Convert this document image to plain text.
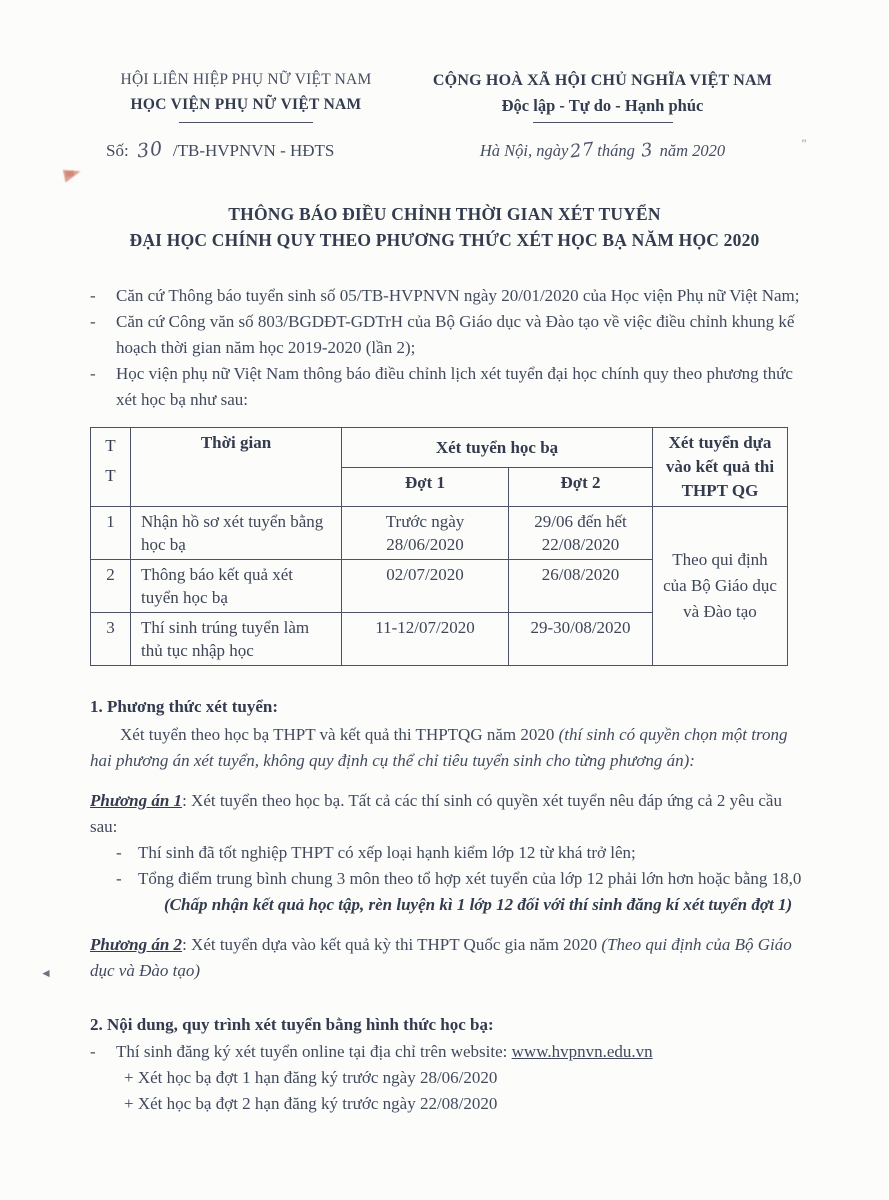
HỘI LIÊN HIỆP PHỤ NỮ VIỆT NAM
HỌC VIỆN PHỤ NỮ VIỆT NAM
CỘNG HOÀ XÃ HỘI CHỦ NGHĨA VIỆT NAM
Độc lập - Tự do - Hạnh phúc
Số: 30 /TB-HVPNVN - HĐTS	Hà Nội, ngày27tháng 3 năm 2020
THÔNG BÁO ĐIỀU CHỈNH THỜI GIAN XÉT TUYỂN
ĐẠI HỌC CHÍNH QUY THEO PHƯƠNG THỨC XÉT HỌC BẠ NĂM HỌC 2020
-	Căn cứ Thông báo tuyển sinh số 05/TB-HVPNVN ngày 20/01/2020 của Học viện Phụ nữ Việt Nam;
-	Căn cứ Công văn số 803/BGDĐT-GDTrH của Bộ Giáo dục và Đào tạo về việc điều chỉnh khung kế hoạch thời gian năm học 2019-2020 (lần 2);
-	Học viện phụ nữ Việt Nam thông báo điều chỉnh lịch xét tuyển đại học chính quy theo phương thức xét học bạ như sau:
TT	Thời gian	Xét tuyển học bạ		Xét tuyển dựa vào kết quả thi THPT QG
		Đợt 1	Đợt 2	
1	Nhận hồ sơ xét tuyển bằng học bạ	Trước ngày 28/06/2020	29/06 đến hết 22/08/2020	Theo qui định của Bộ Giáo dục và Đào tạo
2	Thông báo kết quả xét tuyển học bạ	02/07/2020	26/08/2020	
3	Thí sinh trúng tuyển làm thủ tục nhập học	11-12/07/2020	29-30/08/2020	
1. Phương thức xét tuyển:

Xét tuyển theo học bạ THPT và kết quả thi THPTQG năm 2020 (thí sinh có quyền chọn một trong hai phương án xét tuyển, không quy định cụ thể chỉ tiêu tuyển sinh cho từng phương án):

Phương án 1: Xét tuyển theo học bạ. Tất cả các thí sinh có quyền xét tuyển nêu đáp ứng cả 2 yêu cầu sau:

- Thí sinh đã tốt nghiệp THPT có xếp loại hạnh kiểm lớp 12 từ khá trở lên;
- Tổng điểm trung bình chung 3 môn theo tổ hợp xét tuyển của lớp 12 phải lớn hơn hoặc bằng 18,0
(Chấp nhận kết quả học tập, rèn luyện kì 1 lớp 12 đối với thí sinh đăng kí xét tuyển đợt 1)

Phương án 2: Xét tuyển dựa vào kết quả kỳ thi THPT Quốc gia năm 2020 (Theo qui định của Bộ Giáo dục và Đào tạo)

2. Nội dung, quy trình xét tuyển bằng hình thức học bạ:
-	Thí sinh đăng ký xét tuyển online tại địa chỉ trên website: www.hvpnvn.edu.vn
+ Xét học bạ đợt 1 hạn đăng ký trước ngày 28/06/2020
+ Xét học bạ đợt 2 hạn đăng ký trước ngày 22/08/2020
◄
”
